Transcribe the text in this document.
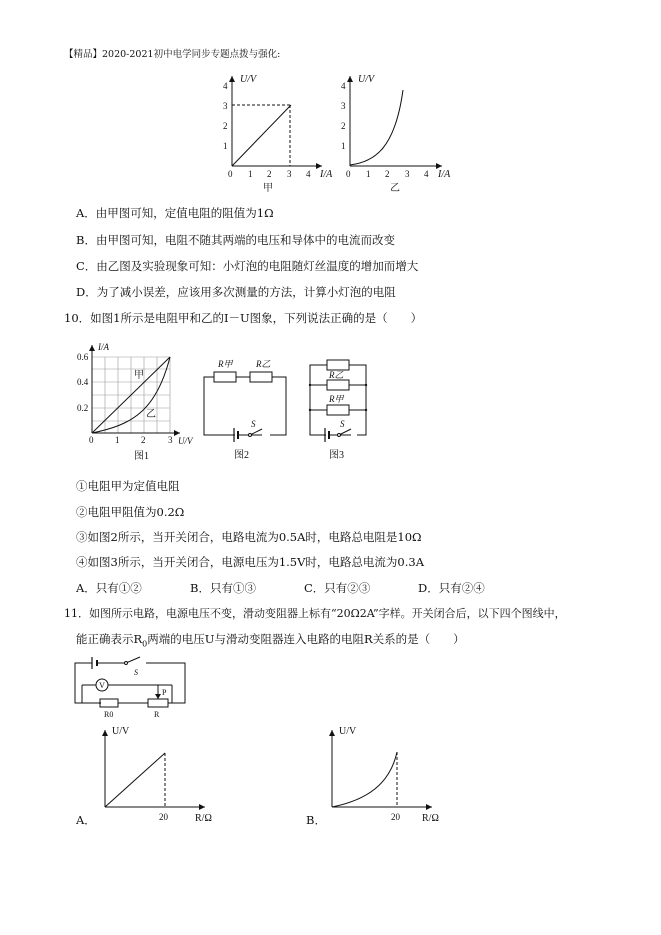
【精品】2020-2021初中电学同步专题点拨与强化:
U/V
I/A
1
2
3
4
0 1 2 3 4
甲
U/V
I/A
1
2
3
4
0 1 2 3 4
乙
A．由甲图可知，定值电阻的阻值为1Ω
B．由甲图可知，电阻不随其两端的电压和导体中的电流而改变
C．由乙图及实验现象可知：小灯泡的电阻随灯丝温度的增加而增大
D．为了减小误差，应该用多次测量的方法，计算小灯泡的电阻
10．如图1所示是电阻甲和乙的I－U图象，下列说法正确的是（　　）
I/A
U/V
0.2
0.4
0.6
0 1 2	3
甲
乙
图1
R甲	R乙
S
图2
R乙
R甲
S
图3
①电阻甲为定值电阻
②电阻甲阻值为0.2Ω
③如图2所示，当开关闭合，电路电流为0.5A时，电路总电阻是10Ω
④如图3所示，当开关闭合，电源电压为1.5V时，电路总电流为0.3A
A．只有①②	B．只有①③	C．只有②③	D．只有②④
11．如图所示电路，电源电压不变，滑动变阻器上标有“20Ω2A”字样。开关闭合后，以下四个图线中，
能正确表示$R_0$两端的电压U与滑动变阻器连入电路的电阻R关系的是（　　）
V
S
P
R0	R
A．
U/V
R/Ω
20	B．
U/V
R/Ω
20
